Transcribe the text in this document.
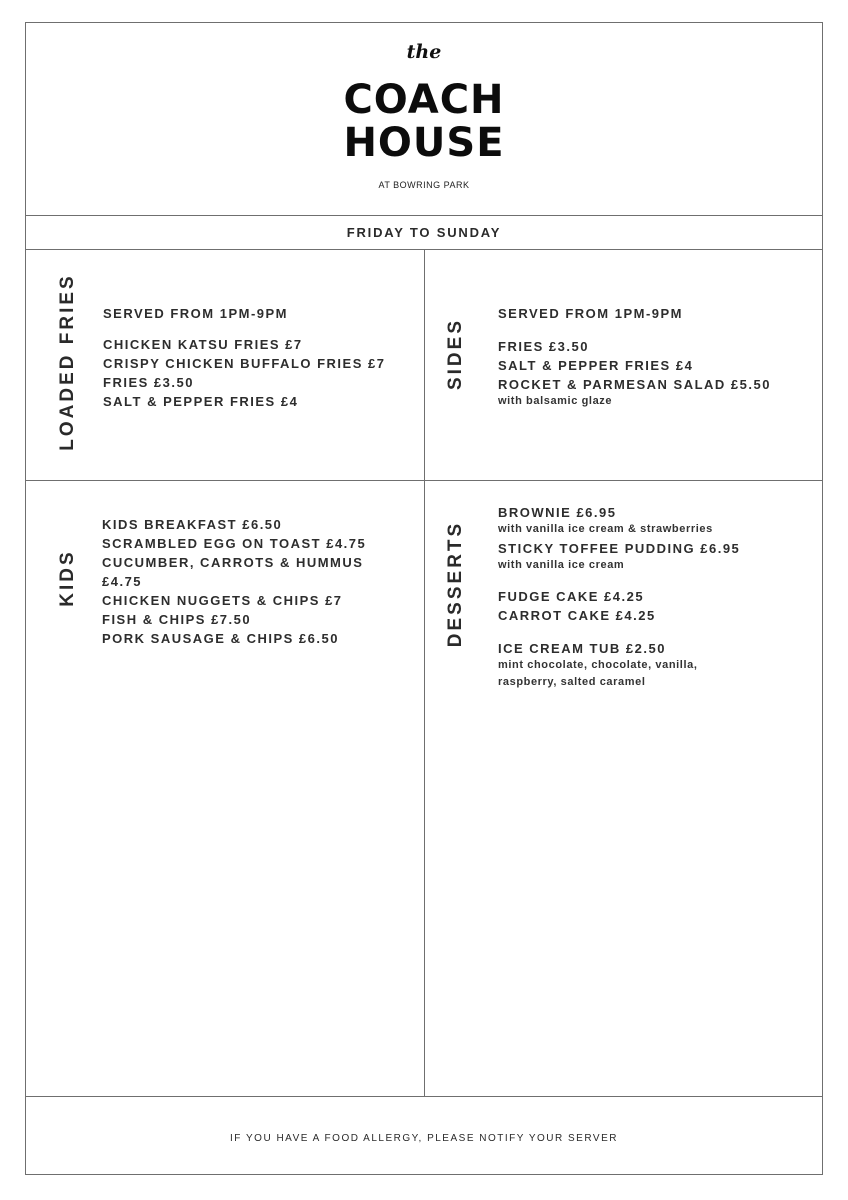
the
COACH
HOUSE
AT BOWRING PARK
FRIDAY TO SUNDAY
LOADED FRIES SERVED FROM 1PM-9PM
CHICKEN KATSU FRIES £7
CRISPY CHICKEN BUFFALO FRIES £7
FRIES £3.50
SALT & PEPPER FRIES £4
SIDES
SERVED FROM 1PM-9PM
FRIES £3.50
SALT & PEPPER FRIES £4
ROCKET & PARMESAN SALAD £5.50
with balsamic glaze
KIDS
KIDS BREAKFAST £6.50
SCRAMBLED EGG ON TOAST £4.75
CUCUMBER, CARROTS & HUMMUS
£4.75
CHICKEN NUGGETS & CHIPS £7
FISH & CHIPS £7.50
PORK SAUSAGE & CHIPS £6.50	DESSERTS
BROWNIE £6.95
with vanilla ice cream & strawberries
STICKY TOFFEE PUDDING £6.95
with vanilla ice cream
FUDGE CAKE £4.25
CARROT CAKE £4.25
ICE CREAM TUB £2.50
mint chocolate, chocolate, vanilla,
raspberry, salted caramel
IF YOU HAVE A FOOD ALLERGY, PLEASE NOTIFY YOUR SERVER
